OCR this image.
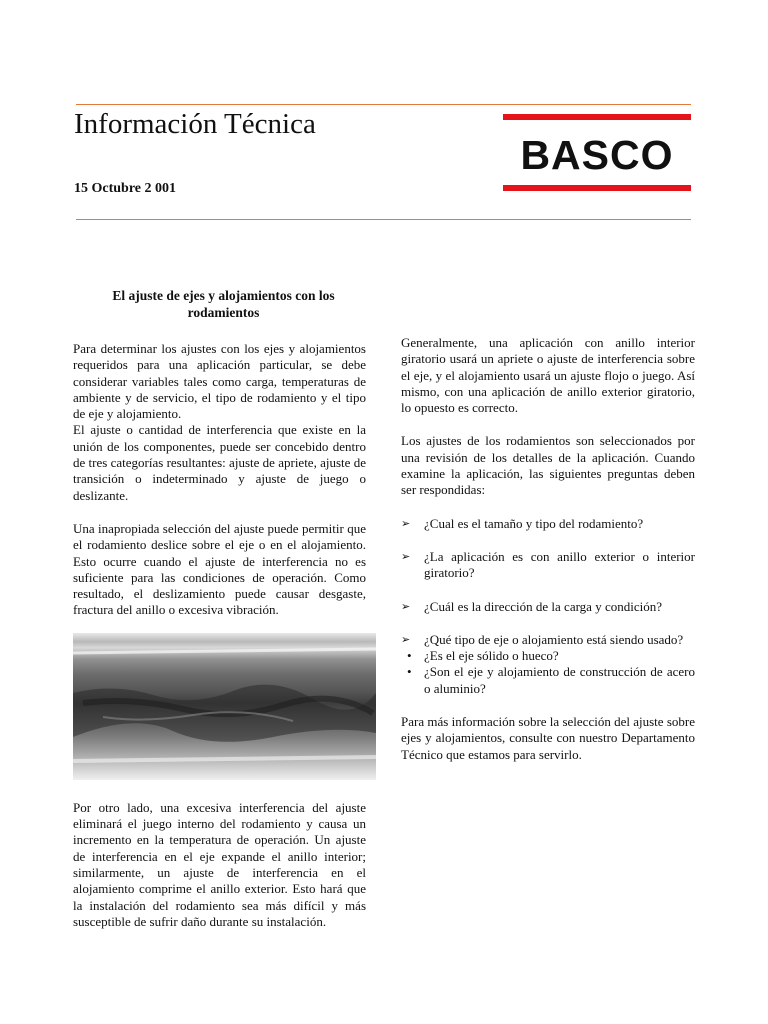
Información Técnica
15 Octubre 2 001
BASCO
El ajuste de ejes y alojamientos con los rodamientos

Para determinar los ajustes con los ejes y alojamientos requeridos para una aplicación particular, se debe considerar variables tales como carga, temperaturas de ambiente y de servicio, el tipo de rodamiento y el tipo de eje y alojamiento.

El ajuste o cantidad de interferencia que existe en la unión de los componentes, puede ser concebido dentro de tres categorías resultantes: ajuste de apriete, ajuste de transición o indeterminado y ajuste de juego o deslizante.

Una inapropiada selección del ajuste puede permitir que el rodamiento deslice sobre el eje o en el alojamiento. Esto ocurre cuando el ajuste de interferencia no es suficiente para las condiciones de operación. Como resultado, el deslizamiento puede causar desgaste, fractura del anillo o excesiva vibración.

Por otro lado, una excesiva interferencia del ajuste eliminará el juego interno del rodamiento y causa un incremento en la temperatura de operación. Un ajuste de interferencia en el eje expande el anillo interior; similarmente, un ajuste de interferencia en el alojamiento comprime el anillo exterior. Esto hará que la instalación del rodamiento sea más difícil y más susceptible de sufrir daño durante su instalación.

Generalmente, una aplicación con anillo interior giratorio usará un apriete o ajuste de interferencia sobre el eje, y el alojamiento usará un ajuste flojo o juego. Así mismo, con una aplicación de anillo exterior giratorio, lo opuesto es correcto.

Los ajustes de los rodamientos son seleccionados por una revisión de los detalles de la aplicación. Cuando examine la aplicación, las siguientes preguntas deben ser respondidas:

➢ ¿Cual es el tamaño y tipo del rodamiento?
➢ ¿La aplicación es con anillo exterior o interior giratorio?
➢ ¿Cuál es la dirección de la carga y condición?
➢ ¿Qué tipo de eje o alojamiento está siendo usado?
• ¿Es el eje sólido o hueco?
• ¿Son el eje y alojamiento de construcción de acero o aluminio?

Para más información sobre la selección del ajuste sobre ejes y alojamientos, consulte con nuestro Departamento Técnico que estamos para servirlo.
